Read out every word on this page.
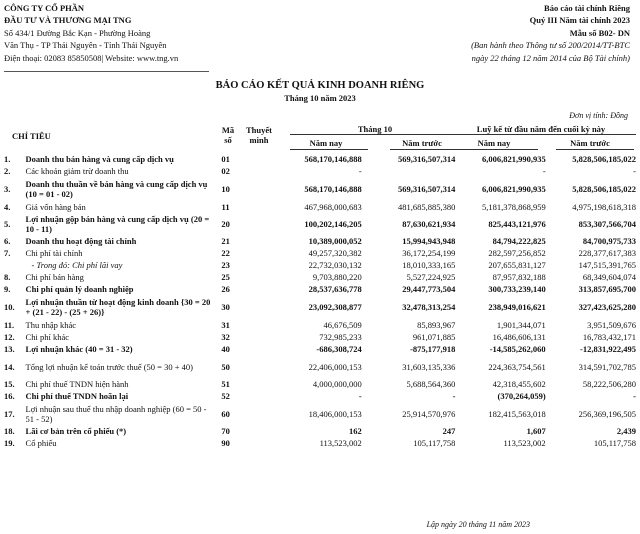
CÔNG TY CỔ PHẦN
ĐẦU TƯ VÀ THƯƠNG MẠI TNG
Số 434/1 Đường Bắc Kạn - Phường Hoàng
Văn Thụ - TP Thái Nguyên - Tỉnh Thái Nguyên
Điện thoại: 02083 85850508| Website: www.tng.vn
Báo cáo tài chính Riêng
Quý III Năm tài chính 2023
Mẫu số B02- DN
(Ban hành theo Thông tư số 200/2014/TT-BTC
ngày 22 tháng 12 năm 2014 của Bộ Tài chính)
BÁO CÁO KẾT QUẢ KINH DOANH RIÊNG
Tháng 10 năm 2023
Đơn vị tính: Đồng
CHỈ TIÊU
Mã
số
Thuyết
minh
Tháng 10	Luỹ kế từ đầu năm đến cuối kỳ này
Năm nay	Năm trước	Năm nay	Năm trước
1.	Doanh thu bán hàng và cung cấp dịch vụ	01		568,170,146,888	569,316,507,314	6,006,821,990,935	5,828,506,185,022
2.	Các khoản giảm trừ doanh thu	02		-		-	-
3.	Doanh thu thuần về bán hàng và cung cấp dịch vụ (10 = 01 - 02)	10		568,170,146,888	569,316,507,314	6,006,821,990,935	5,828,506,185,022
4.	Giá vốn hàng bán	11		467,968,000,683	481,685,885,380	5,181,378,868,959	4,975,198,618,318
5.	Lợi nhuận gộp bán hàng và cung cấp dịch vụ (20 = 10 - 11)	20		100,202,146,205	87,630,621,934	825,443,121,976	853,307,566,704
6.	Doanh thu hoạt động tài chính	21		10,389,000,052	15,994,943,948	84,794,222,825	84,700,975,733
7.	Chi phí tài chính	22		49,257,320,382	36,172,254,199	282,597,256,852	228,377,617,383
	- Trong đó: Chi phí lãi vay	23		22,732,030,132	18,010,333,165	207,655,831,127	147,515,391,765
8.	Chi phí bán hàng	25		9,703,880,220	5,527,224,925	87,957,832,188	68,349,604,074
9.	Chi phí quản lý doanh nghiệp	26		28,537,636,778	29,447,773,504	300,733,239,140	313,857,695,700
10.	Lợi nhuận thuần từ hoạt động kinh doanh {30 = 20 + (21 - 22) - (25 + 26)}	30		23,092,308,877	32,478,313,254	238,949,016,621	327,423,625,280
11.	Thu nhập khác	31		46,676,509	85,893,967	1,901,344,071	3,951,509,676
12.	Chi phí khác	32		732,985,233	961,071,885	16,486,606,131	16,783,432,171
13.	Lợi nhuận khác (40 = 31 - 32)	40		-686,308,724	-875,177,918	-14,585,262,060	-12,831,922,495
14.	Tổng lợi nhuận kế toán trước thuế (50 = 30 + 40)	50		22,406,000,153	31,603,135,336	224,363,754,561	314,591,702,785
15.	Chi phí thuế TNDN hiện hành	51		4,000,000,000	5,688,564,360	42,318,455,602	58,222,506,280
16.	Chi phí thuế TNDN hoãn lại	52		-	-	(370,264,059)	-
17.	Lợi nhuận sau thuế thu nhập doanh nghiệp (60 = 50 - 51 - 52)	60		18,406,000,153	25,914,570,976	182,415,563,018	256,369,196,505
18.	Lãi cơ bản trên cổ phiếu (*)	70		162	247	1,607	2,439
19.	Cổ phiếu	90		113,523,002	105,117,758	113,523,002	105,117,758
Lập ngày 20 tháng 11 năm 2023
